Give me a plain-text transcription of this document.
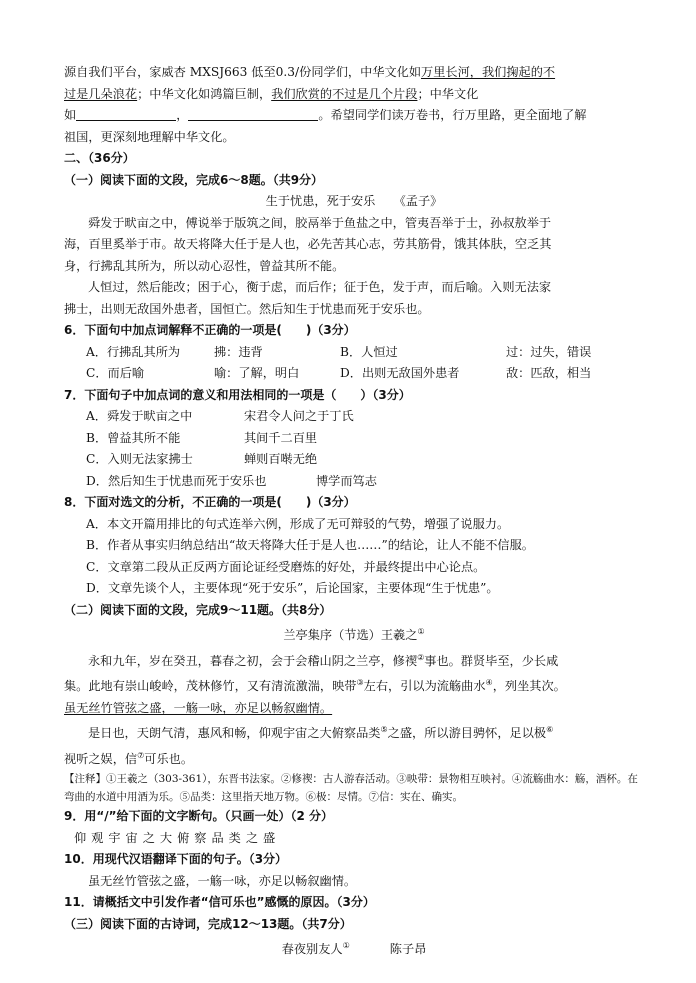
源自我们平台，家威杏 MXSJ663 低至0.3/份同学们，中华文化如万里长河，我们掬起的不
过是几朵浪花；中华文化如鸿篇巨制，我们欣赏的不过是几个片段；中华文化
如	，	。希望同学们读万卷书，行万里路，更全面地了解
祖国，更深刻地理解中华文化。
二、（36分）
（一）阅读下面的文段，完成6～8题。（共9分）
生于忧患，死于安乐　　 《孟子》
舜发于畎亩之中，傅说举于版筑之间，胶鬲举于鱼盐之中，管夷吾举于士，孙叔敖举于
海，百里奚举于市。故天将降大任于是人也，必先苦其心志，劳其筋骨，饿其体肤，空乏其
身，行拂乱其所为，所以动心忍性，曾益其所不能。
人恒过，然后能改；困于心，衡于虑，而后作；征于色，发于声，而后喻。入则无法家
拂士，出则无敌国外患者，国恒亡。然后知生于忧患而死于安乐也。
6．下面句中加点词解释不正确的一项是(　　)（3分）
A．行拂乱其所为	拂：违背	B．人恒过	过：过失，错误
C．而后喻	喻：了解，明白	D．出则无敌国外患者	敌：匹敌，相当
7．下面句子中加点词的意义和用法相同的一项是（　　）（3分）
A．舜发于畎亩之中	宋君令人问之于丁氏
B．曾益其所不能	其间千二百里
C．入则无法家拂士	蝉则百啭无绝
D．然后知生于忧患而死于安乐也	博学而笃志
8．下面对选文的分析，不正确的一项是(　　)（3分）
A．本文开篇用排比的句式连举六例，形成了无可辩驳的气势，增强了说服力。
B．作者从事实归纳总结出“故天将降大任于是人也……”的结论，让人不能不信服。
C．文章第二段从正反两方面论证经受磨炼的好处，并最终提出中心论点。
D．文章先谈个人，主要体现“死于安乐”，后论国家，主要体现“生于忧患”。
（二）阅读下面的文段，完成9～11题。（共8分）
兰亭集序（节选）王羲之①
永和九年，岁在癸丑，暮春之初，会于会稽山阴之兰亭，修禊②事也。群贤毕至，少长咸
集。此地有崇山峻岭，茂林修竹，又有清流激湍，映带③左右，引以为流觞曲水④，列坐其次。
虽无丝竹管弦之盛，一觞一咏，亦足以畅叙幽情。
是日也，天朗气清，惠风和畅，仰观宇宙之大俯察品类⑤之盛，所以游目骋怀，足以极⑥
视听之娱，信⑦可乐也。
【注释】①王羲之（303-361），东晋书法家。②修禊：古人游春活动。③映带：景物相互映衬。④流觞曲水：觞，酒杯。在弯曲的水道中用酒为乐。⑤品类：这里指天地万物。⑥极：尽情。⑦信：实在、确实。
9．用“/”给下面的文字断句。（只画一处）（2 分）
仰观宇宙之大俯察品类之盛
10．用现代汉语翻译下面的句子。（3分）
虽无丝竹管弦之盛，一觞一咏，亦足以畅叙幽情。
11．请概括文中引发作者“信可乐也”感慨的原因。（3分）
（三）阅读下面的古诗词，完成12～13题。（共7分）
春夜别友人①	陈子昂
